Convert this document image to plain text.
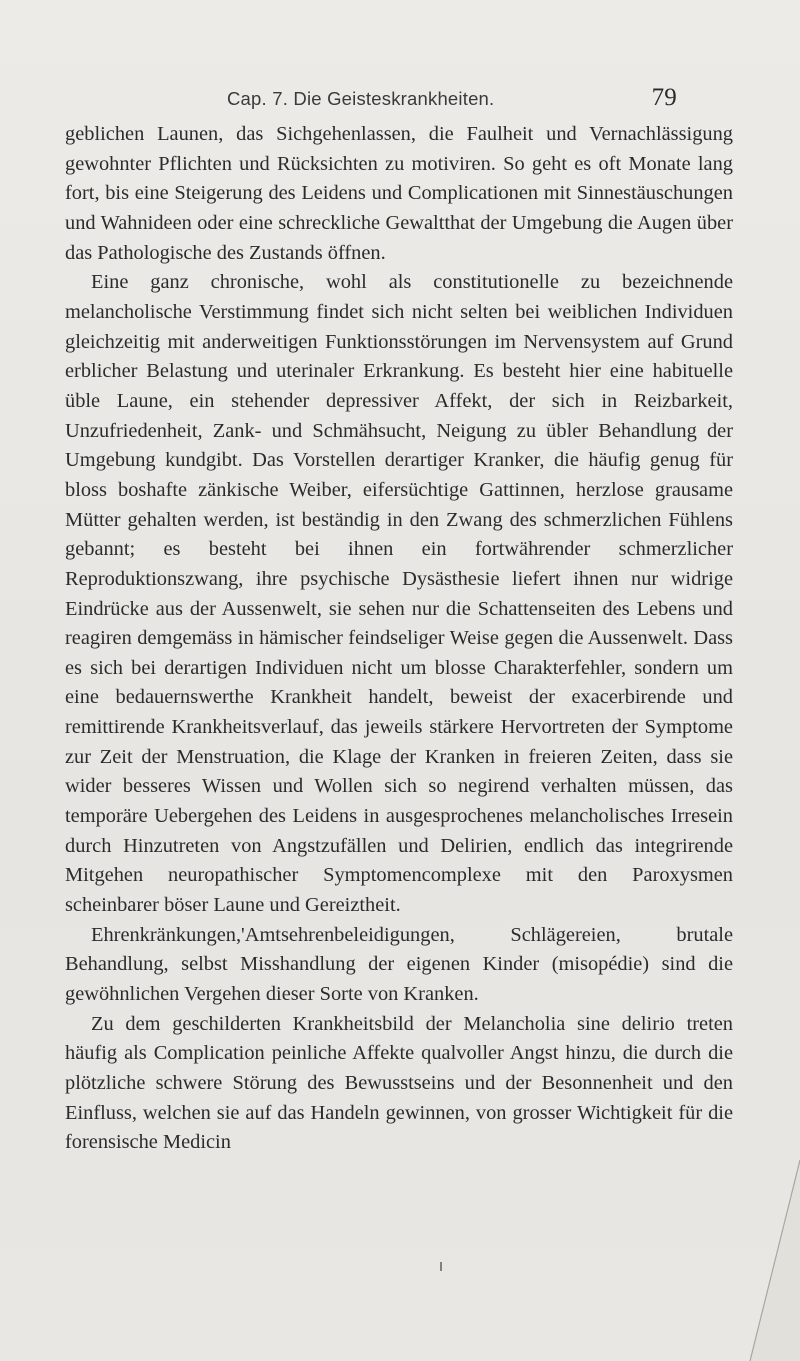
Cap. 7. Die Geisteskrankheiten.	79

geblichen Launen, das Sichgehenlassen, die Faulheit und Vernachlässigung gewohnter Pflichten und Rücksichten zu motiviren. So geht es oft Monate lang fort, bis eine Steigerung des Leidens und Complicationen mit Sinnestäuschungen und Wahnideen oder eine schreckliche Gewaltthat der Umgebung die Augen über das Pathologische des Zustands öffnen.

Eine ganz chronische, wohl als constitutionelle zu bezeichnende melancholische Verstimmung findet sich nicht selten bei weiblichen Individuen gleichzeitig mit anderweitigen Funktionsstörungen im Nervensystem auf Grund erblicher Belastung und uterinaler Erkrankung. Es besteht hier eine habituelle üble Laune, ein stehender depressiver Affekt, der sich in Reizbarkeit, Unzufriedenheit, Zank- und Schmähsucht, Neigung zu übler Behandlung der Umgebung kundgibt. Das Vorstellen derartiger Kranker, die häufig genug für bloss boshafte zänkische Weiber, eifersüchtige Gattinnen, herzlose grausame Mütter gehalten werden, ist beständig in den Zwang des schmerzlichen Fühlens gebannt; es besteht bei ihnen ein fortwährender schmerzlicher Reproduktionszwang, ihre psychische Dysästhesie liefert ihnen nur widrige Eindrücke aus der Aussenwelt, sie sehen nur die Schattenseiten des Lebens und reagiren demgemäss in hämischer feindseliger Weise gegen die Aussenwelt. Dass es sich bei derartigen Individuen nicht um blosse Charakterfehler, sondern um eine bedauernswerthe Krankheit handelt, beweist der exacerbirende und remittirende Krankheitsverlauf, das jeweils stärkere Hervortreten der Symptome zur Zeit der Menstruation, die Klage der Kranken in freieren Zeiten, dass sie wider besseres Wissen und Wollen sich so negirend verhalten müssen, das temporäre Uebergehen des Leidens in ausgesprochenes melancholisches Irresein durch Hinzutreten von Angstzufällen und Delirien, endlich das integrirende Mitgehen neuropathischer Symptomencomplexe mit den Paroxysmen scheinbarer böser Laune und Gereiztheit.

Ehrenkränkungen,'Amtsehrenbeleidigungen, Schlägereien, brutale Behandlung, selbst Misshandlung der eigenen Kinder (misopédie) sind die gewöhnlichen Vergehen dieser Sorte von Kranken.

Zu dem geschilderten Krankheitsbild der Melancholia sine delirio treten häufig als Complication peinliche Affekte qualvoller Angst hinzu, die durch die plötzliche schwere Störung des Bewusstseins und der Besonnenheit und den Einfluss, welchen sie auf das Handeln gewinnen, von grosser Wichtigkeit für die forensische Medicin
